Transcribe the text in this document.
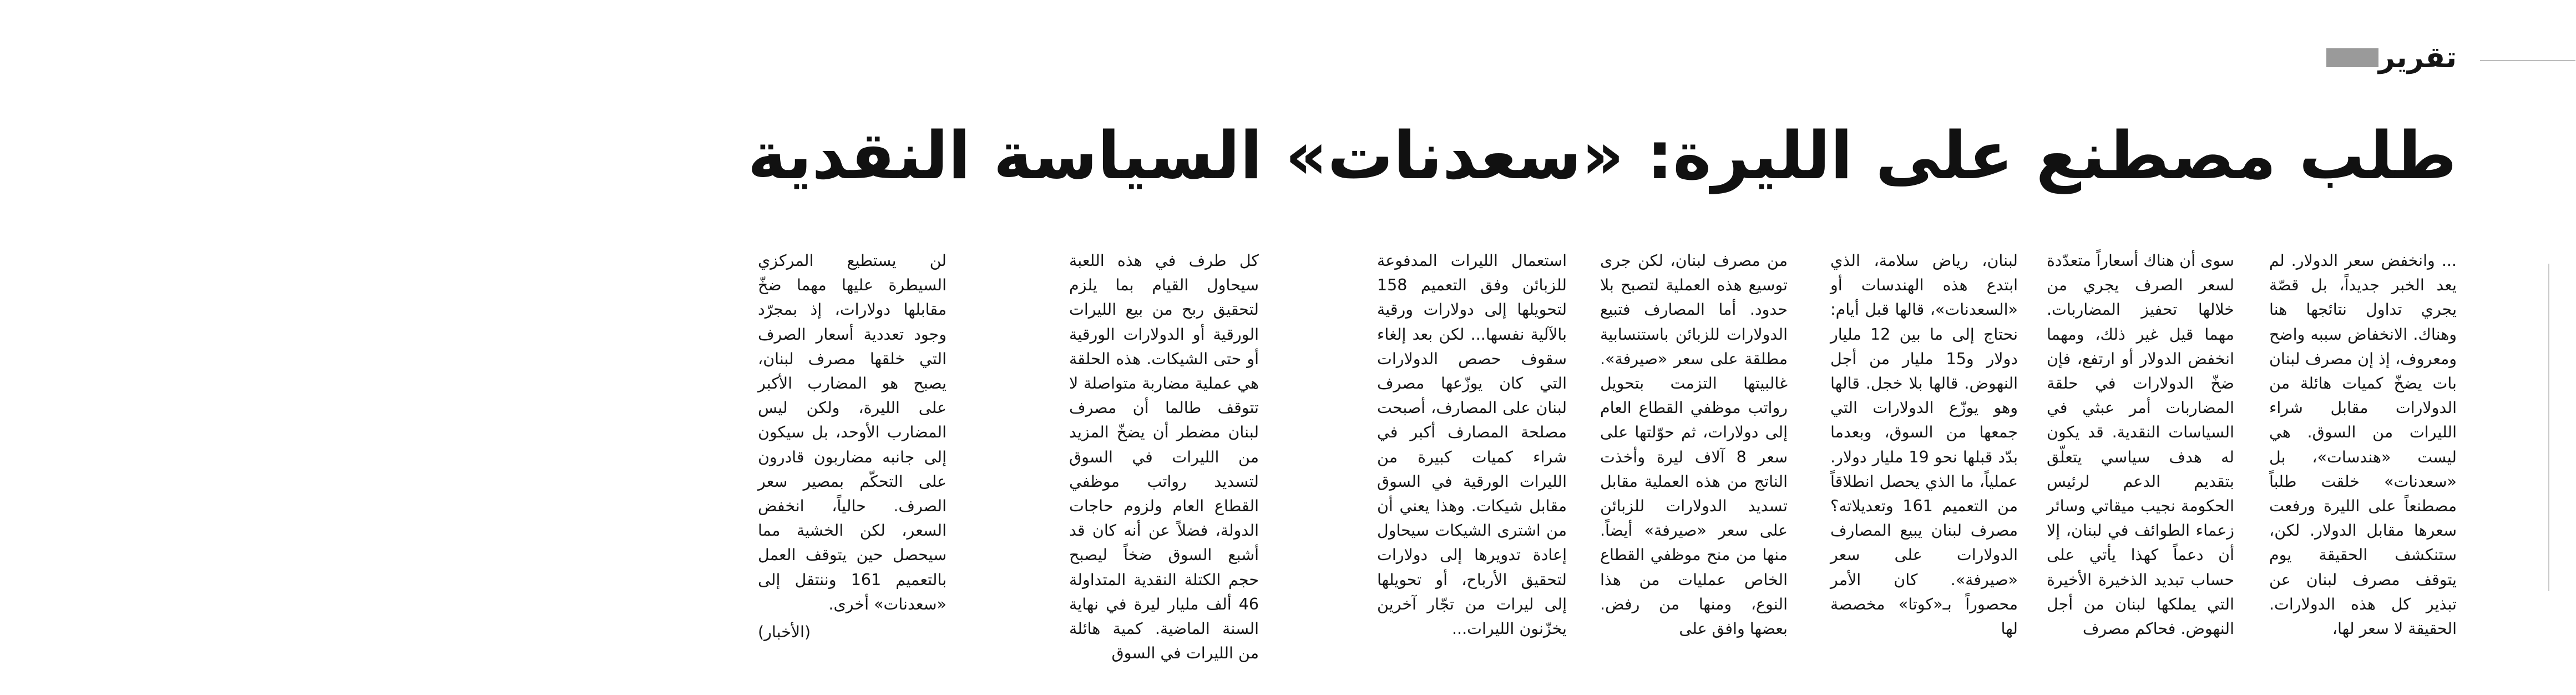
تقرير
طلب مصطنع على الليرة: «سعدنات» السياسة النقدية

... وانخفض سعر الدولار. لم يعد الخبر جديداً، بل قصّة يجري تداول نتائجها هنا وهناك. الانخفاض سببه واضح ومعروف، إذ إن مصرف لبنان بات يضخّ كميات هائلة من الدولارات مقابل شراء الليرات من السوق. هي ليست «هندسات»، بل «سعدنات» خلقت طلباً مصطنعاً على الليرة ورفعت سعرها مقابل الدولار. لكن، ستنكشف الحقيقة يوم يتوقف مصرف لبنان عن تبذير كل هذه الدولارات. الحقيقة لا سعر لها،

سوى أن هناك أسعاراً متعدّدة لسعر الصرف يجري من خلالها تحفيز المضاربات. مهما قيل غير ذلك، ومهما انخفض الدولار أو ارتفع، فإن ضخّ الدولارات في حلقة المضاربات أمر عبثي في السياسات النقدية. قد يكون له هدف سياسي يتعلّق بتقديم الدعم لرئيس الحكومة نجيب ميقاتي وسائر زعماء الطوائف في لبنان، إلا أن دعماً كهذا يأتي على حساب تبديد الذخيرة الأخيرة التي يملكها لبنان من أجل النهوض. فحاكم مصرف

لبنان، رياض سلامة، الذي ابتدع هذه الهندسات أو «السعدنات»، قالها قبل أيام: نحتاج إلى ما بين 12 مليار دولار و15 مليار من أجل النهوض. قالها بلا خجل. قالها وهو يوزّع الدولارات التي جمعها من السوق، وبعدما بدّد قبلها نحو 19 مليار دولار. عملياً، ما الذي يحصل انطلاقاً من التعميم 161 وتعديلاته؟ مصرف لبنان يبيع المصارف الدولارات على سعر «صيرفة». كان الأمر محصوراً بـ«كوتا» مخصصة لها

من مصرف لبنان، لكن جرى توسيع هذه العملية لتصبح بلا حدود. أما المصارف فتبيع الدولارات للزبائن باستنسابية مطلقة على سعر «صيرفة». غالبيتها التزمت بتحويل رواتب موظفي القطاع العام إلى دولارات، ثم حوّلتها على سعر 8 آلاف ليرة وأخذت الناتج من هذه العملية مقابل تسديد الدولارات للزبائن على سعر «صيرفة» أيضاً. منها من منح موظفي القطاع الخاص عمليات من هذا النوع، ومنها من رفض. بعضها وافق على

استعمال الليرات المدفوعة للزبائن وفق التعميم 158 لتحويلها إلى دولارات ورقية بالآلية نفسها... لكن بعد إلغاء سقوف حصص الدولارات التي كان يوزّعها مصرف لبنان على المصارف، أصبحت مصلحة المصارف أكبر في شراء كميات كبيرة من الليرات الورقية في السوق مقابل شيكات. وهذا يعني أن من اشترى الشيكات سيحاول إعادة تدويرها إلى دولارات لتحقيق الأرباح، أو تحويلها إلى ليرات من تجّار آخرين يخزّنون الليرات...

كل طرف في هذه اللعبة سيحاول القيام بما يلزم لتحقيق ربح من بيع الليرات الورقية أو الدولارات الورقية أو حتى الشيكات. هذه الحلقة هي عملية مضاربة متواصلة لا تتوقف طالما أن مصرف لبنان مضطر أن يضخّ المزيد من الليرات في السوق لتسديد رواتب موظفي القطاع العام ولزوم حاجات الدولة، فضلاً عن أنه كان قد أشبع السوق ضخاً ليصبح حجم الكتلة النقدية المتداولة 46 ألف مليار ليرة في نهاية السنة الماضية. كمية هائلة من الليرات في السوق

لن يستطيع المركزي السيطرة عليها مهما ضخّ مقابلها دولارات، إذ بمجرّد وجود تعددية أسعار الصرف التي خلقها مصرف لبنان، يصبح هو المضارب الأكبر على الليرة، ولكن ليس المضارب الأوحد، بل سيكون إلى جانبه مضاربون قادرون على التحكّم بمصير سعر الصرف. حالياً، انخفض السعر، لكن الخشية مما سيحصل حين يتوقف العمل بالتعميم 161 وننتقل إلى «سعدنات» أخرى.

(الأخبار)
